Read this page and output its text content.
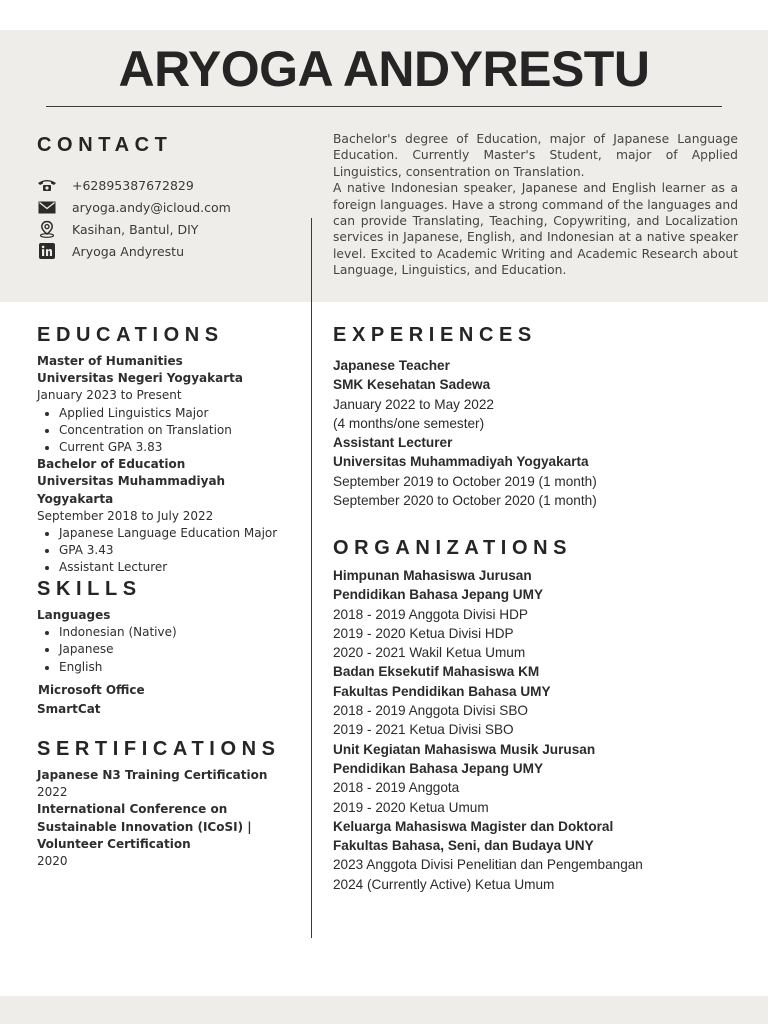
ARYOGA ANDYRESTU
CONTACT
+62895387672829
aryoga.andy@icloud.com
Kasihan, Bantul, DIY
Aryoga Andyrestu

Bachelor's degree of Education, major of Japanese Language Education. Currently Master's Student, major of Applied Linguistics, consentration on Translation.

A native Indonesian speaker, Japanese and English learner as a foreign languages. Have a strong command of the languages and can provide Translating, Teaching, Copywriting, and Localization services in Japanese, English, and Indonesian at a native speaker level. Excited to Academic Writing and Academic Research about Language, Linguistics, and Education.

EDUCATIONS
Master of Humanities
Universitas Negeri Yogyakarta
January 2023 to Present
• Applied Linguistics Major
• Concentration on Translation
• Current GPA 3.83
Bachelor of Education
Universitas Muhammadiyah Yogyakarta
September 2018 to July 2022
• Japanese Language Education Major
• GPA 3.43
• Assistant Lecturer
SKILLS
Languages
• Indonesian (Native)
• Japanese
• English
Microsoft Office
SmartCat
SERTIFICATIONS
Japanese N3 Training Certification
2022
International Conference on Sustainable Innovation (ICoSI) | Volunteer Certification
2020
EXPERIENCES
Japanese Teacher
SMK Kesehatan Sadewa
January 2022 to May 2022
(4 months/one semester)
Assistant Lecturer
Universitas Muhammadiyah Yogyakarta
September 2019 to October 2019 (1 month)
September 2020 to October 2020 (1 month)
ORGANIZATIONS
Himpunan Mahasiswa Jurusan
Pendidikan Bahasa Jepang UMY
2018 - 2019 Anggota Divisi HDP
2019 - 2020 Ketua Divisi HDP
2020 - 2021 Wakil Ketua Umum
Badan Eksekutif Mahasiswa KM
Fakultas Pendidikan Bahasa UMY
2018 - 2019 Anggota Divisi SBO
2019 - 2021 Ketua Divisi SBO
Unit Kegiatan Mahasiswa Musik Jurusan
Pendidikan Bahasa Jepang UMY
2018 - 2019 Anggota
2019 - 2020 Ketua Umum
Keluarga Mahasiswa Magister dan Doktoral
Fakultas Bahasa, Seni, dan Budaya UNY
2023 Anggota Divisi Penelitian dan Pengembangan
2024 (Currently Active) Ketua Umum
